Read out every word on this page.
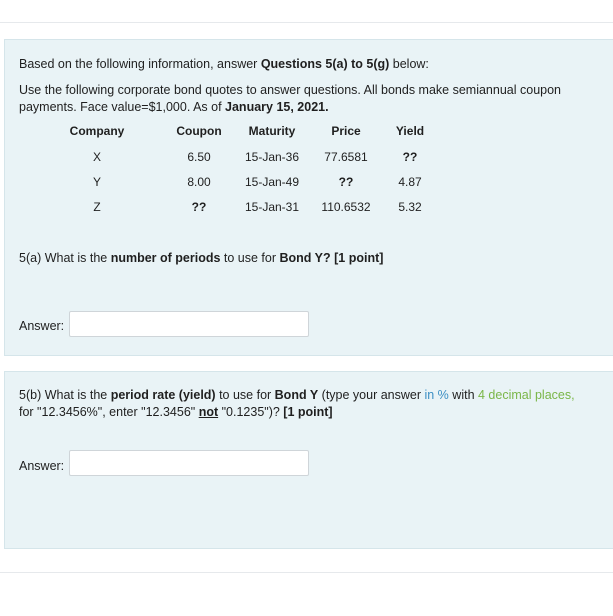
Based on the following information, answer Questions 5(a) to 5(g) below:
Use the following corporate bond quotes to answer questions. All bonds make semiannual coupon payments. Face value=$1,000. As of January 15, 2021.
Company	Coupon	Maturity	Price	Yield
X	6.50	15-Jan-36	77.6581	??
Y	8.00	15-Jan-49	??	4.87
Z	??	15-Jan-31	110.6532	5.32
5(a) What is the number of periods to use for Bond Y? [1 point]
Answer:
5(b) What is the period rate (yield) to use for Bond Y (type your answer in % with 4 decimal places,
for "12.3456%", enter "12.3456" not "0.1235")? [1 point]
Answer:
